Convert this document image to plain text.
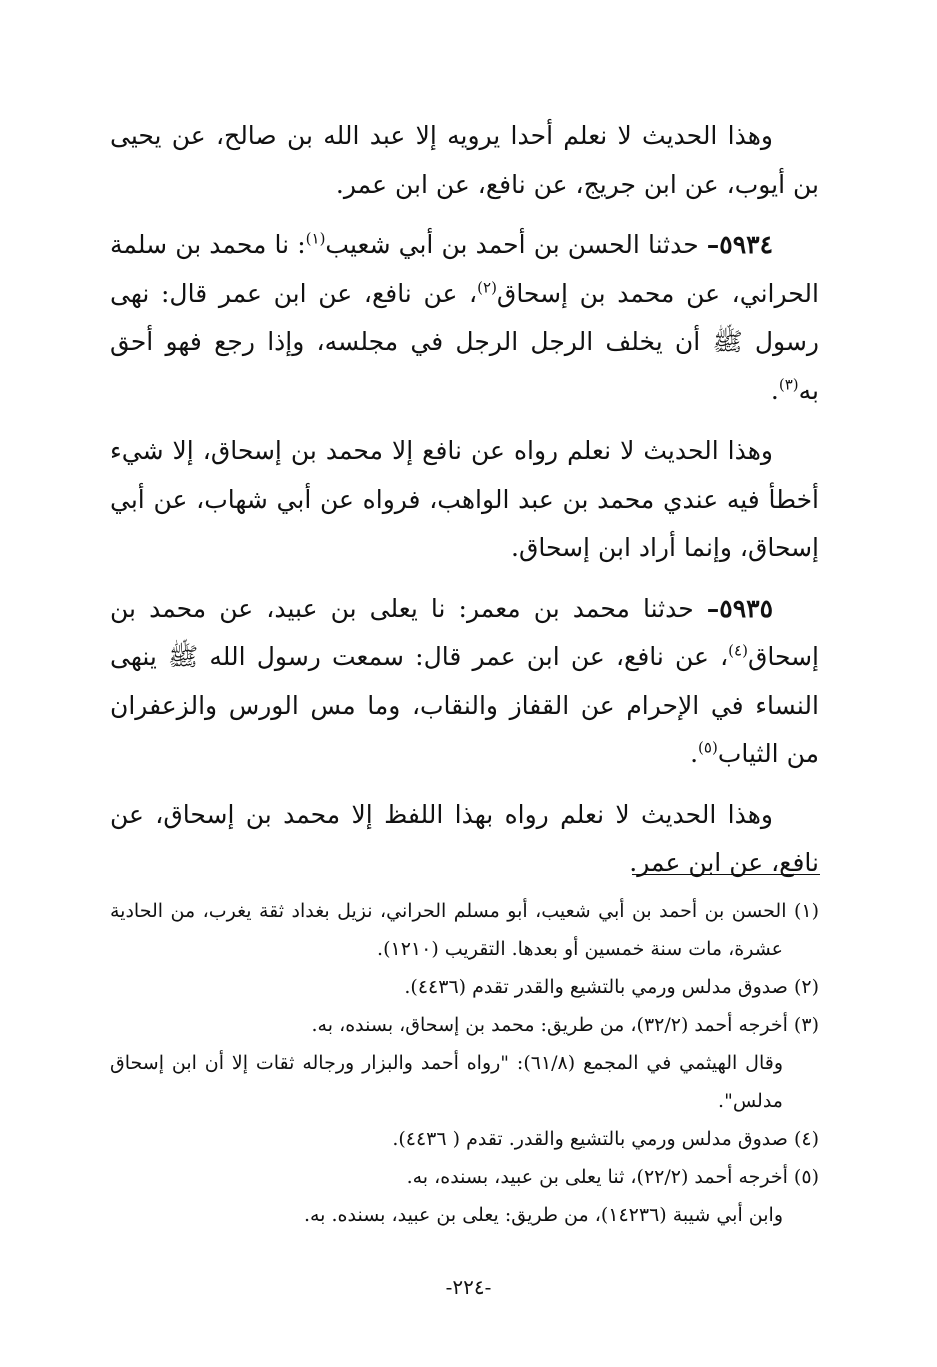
وهذا الحديث لا نعلم أحدا يرويه إلا عبد الله بن صالح، عن يحيى بن أيوب، عن ابن جريج، عن نافع، عن ابن عمر.

٥٩٣٤– حدثنا الحسن بن أحمد بن أبي شعيب$^{(١)}$: نا محمد بن سلمة الحراني، عن محمد بن إسحاق$^{(٢)}$، عن نافع، عن ابن عمر قال: نهى رسول ﷺ أن يخلف الرجل الرجل في مجلسه، وإذا رجع فهو أحق به$^{(٣)}$.

وهذا الحديث لا نعلم رواه عن نافع إلا محمد بن إسحاق، إلا شيء أخطأ فيه عندي محمد بن عبد الواهب، فرواه عن أبي شهاب، عن أبي إسحاق، وإنما أراد ابن إسحاق.

٥٩٣٥– حدثنا محمد بن معمر: نا يعلى بن عبيد، عن محمد بن إسحاق$^{(٤)}$، عن نافع، عن ابن عمر قال: سمعت رسول الله ﷺ ينهى النساء في الإحرام عن القفاز والنقاب، وما مس الورس والزعفران من الثياب$^{(٥)}$.

وهذا الحديث لا نعلم رواه بهذا اللفظ إلا محمد بن إسحاق، عن نافع، عن ابن عمر.

(١) الحسن بن أحمد بن أبي شعيب، أبو مسلم الحراني، نزيل بغداد ثقة يغرب، من الحادية عشرة، مات سنة خمسين أو بعدها. التقريب (١٢١٠).

(٢) صدوق مدلس ورمي بالتشيع والقدر تقدم (٤٤٣٦).

(٣) أخرجه أحمد (٣٢/٢)، من طريق: محمد بن إسحاق، بسنده، به.

وقال الهيثمي في المجمع (٦١/٨): "رواه أحمد والبزار ورجاله ثقات إلا أن ابن إسحاق مدلس".

(٤) صدوق مدلس ورمي بالتشيع والقدر. تقدم ( ٤٤٣٦).

(٥) أخرجه أحمد (٢٢/٢)، ثنا يعلى بن عبيد، بسنده، به.

وابن أبي شيبة (١٤٢٣٦)، من طريق: يعلى بن عبيد، بسنده. به.

-٢٢٤-
